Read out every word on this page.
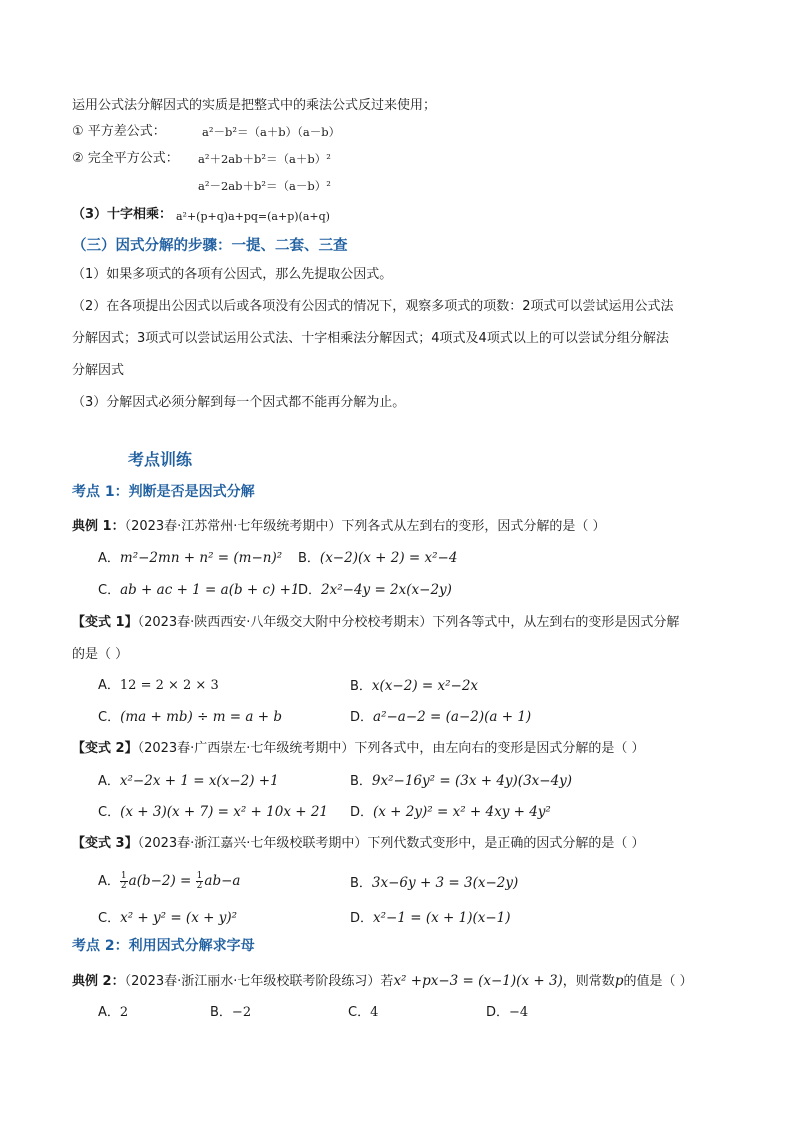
运用公式法分解因式的实质是把整式中的乘法公式反过来使用；
① 平方差公式：	a²－b²＝（a＋b）（a－b）
② 完全平方公式： a²＋2ab＋b²＝（a＋b）²
a²－2ab＋b²＝（a－b）²
（3）十字相乘： a²+(p+q)a+pq=(a+p)(a+q)
（三）因式分解的步骤：一提、二套、三查
（1）如果多项式的各项有公因式，那么先提取公因式。
（2）在各项提出公因式以后或各项没有公因式的情况下，观察多项式的项数：2项式可以尝试运用公式法
分解因式；3项式可以尝试运用公式法、十字相乘法分解因式；4项式及4项式以上的可以尝试分组分解法
分解因式
（3）分解因式必须分解到每一个因式都不能再分解为止。
考点训练
考点 1：判断是否是因式分解
典例 1：（2023春·江苏常州·七年级统考期中）下列各式从左到右的变形，因式分解的是（ ）
A．m²−2mn + n² = (m−n)² B．(x−2)(x + 2) = x²−4
C．ab + ac + 1 = a(b + c) +1
D．2x²−4y = 2x(x−2y)
【变式 1】（2023春·陕西西安·八年级交大附中分校校考期末）下列各等式中，从左到右的变形是因式分解
的是（ ）
A．12 = 2 × 2 × 3	B．x(x−2) = x²−2x
C．(ma + mb) ÷ m = a + b	D．a²−a−2 = (a−2)(a + 1)
【变式 2】（2023春·广西崇左·七年级统考期中）下列各式中，由左向右的变形是因式分解的是（ ）
A．x²−2x + 1 = x(x−2) +1	B．9x²−16y² = (3x + 4y)(3x−4y)
C．(x + 3)(x + 7) = x² + 10x + 21 D．(x + 2y)² = x² + 4xy + 4y²
【变式 3】（2023春·浙江嘉兴·七年级校联考期中）下列代数式变形中，是正确的因式分解的是（ ）
A． $\frac{1}{2} a(b-2) = \frac{1}{2} ab-a$	B．3x−6y + 3 = 3(x−2y)
C．x² + y² = (x + y)²	D．x²−1 = (x + 1)(x−1)
考点 2：利用因式分解求字母
典例 2：（2023春·浙江丽水·七年级校联考阶段练习）若x² +px−3 = (x−1)(x + 3)，则常数p的值是（ ）
A．2	B．−2	C．4	D．−4
